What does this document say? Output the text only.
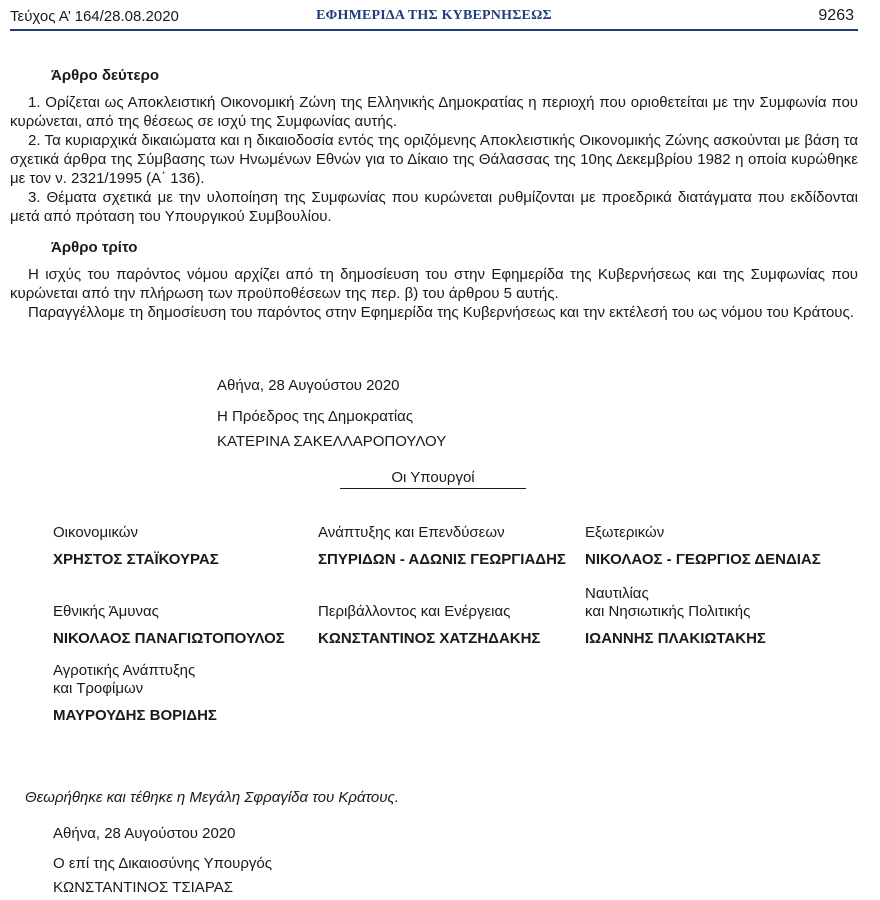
Τεύχος Α’ 164/28.08.2020	ΕΦΗΜΕΡΙΔΑ ΤΗΣ ΚΥΒΕΡΝΗΣΕΩΣ	9263

Άρθρο δεύτερο

1. Ορίζεται ως Αποκλειστική Οικονομική Ζώνη της Ελληνικής Δημοκρατίας η περιοχή που οριοθετείται με την Συμφωνία που κυρώνεται, από της θέσεως σε ισχύ της Συμφωνίας αυτής.

2. Τα κυριαρχικά δικαιώματα και η δικαιοδοσία εντός της οριζόμενης Αποκλειστικής Οικονομικής Ζώνης ασκούνται με βάση τα σχετικά άρθρα της Σύμβασης των Ηνωμένων Εθνών για το Δίκαιο της Θάλασσας της 10ης Δεκεμβρίου 1982 η οποία κυρώθηκε με τον ν. 2321/1995 (Α΄ 136).

3. Θέματα σχετικά με την υλοποίηση της Συμφωνίας που κυρώνεται ρυθμίζονται με προεδρικά διατάγματα που εκδίδονται μετά από πρόταση του Υπουργικού Συμβουλίου.

Άρθρο τρίτο

Η ισχύς του παρόντος νόμου αρχίζει από τη δημοσίευση του στην Εφημερίδα της Κυβερνήσεως και της Συμφωνίας που κυρώνεται από την πλήρωση των προϋποθέσεων της περ. β) του άρθρου 5 αυτής.

Παραγγέλλομε τη δημοσίευση του παρόντος στην Εφημερίδα της Κυβερνήσεως και την εκτέλεσή του ως νόμου του Κράτους.

Αθήνα, 28 Αυγούστου 2020
Η Πρόεδρος της Δημοκρατίας
ΚΑΤΕΡΙΝΑ ΣΑΚΕΛΛΑΡΟΠΟΥΛΟΥ
Οι Υπουργοί
Οικονομικών
ΧΡΗΣΤΟΣ ΣΤΑΪΚΟΥΡΑΣ
Ανάπτυξης και Επενδύσεων
ΣΠΥΡΙΔΩΝ - ΑΔΩΝΙΣ ΓΕΩΡΓΙΑΔΗΣ
Εξωτερικών
ΝΙΚΟΛΑΟΣ - ΓΕΩΡΓΙΟΣ ΔΕΝΔΙΑΣ
Εθνικής Άμυνας
ΝΙΚΟΛΑΟΣ ΠΑΝΑΓΙΩΤΟΠΟΥΛΟΣ
Περιβάλλοντος και Ενέργειας
ΚΩΝΣΤΑΝΤΙΝΟΣ ΧΑΤΖΗΔΑΚΗΣ
Ναυτιλίας
και Νησιωτικής Πολιτικής
ΙΩΑΝΝΗΣ ΠΛΑΚΙΩΤΑΚΗΣ
Αγροτικής Ανάπτυξης
και Τροφίμων
ΜΑΥΡΟΥΔΗΣ ΒΟΡΙΔΗΣ
Θεωρήθηκε και τέθηκε η Μεγάλη Σφραγίδα του Κράτους.
Αθήνα, 28 Αυγούστου 2020
Ο επί της Δικαιοσύνης Υπουργός
ΚΩΝΣΤΑΝΤΙΝΟΣ ΤΣΙΑΡΑΣ
